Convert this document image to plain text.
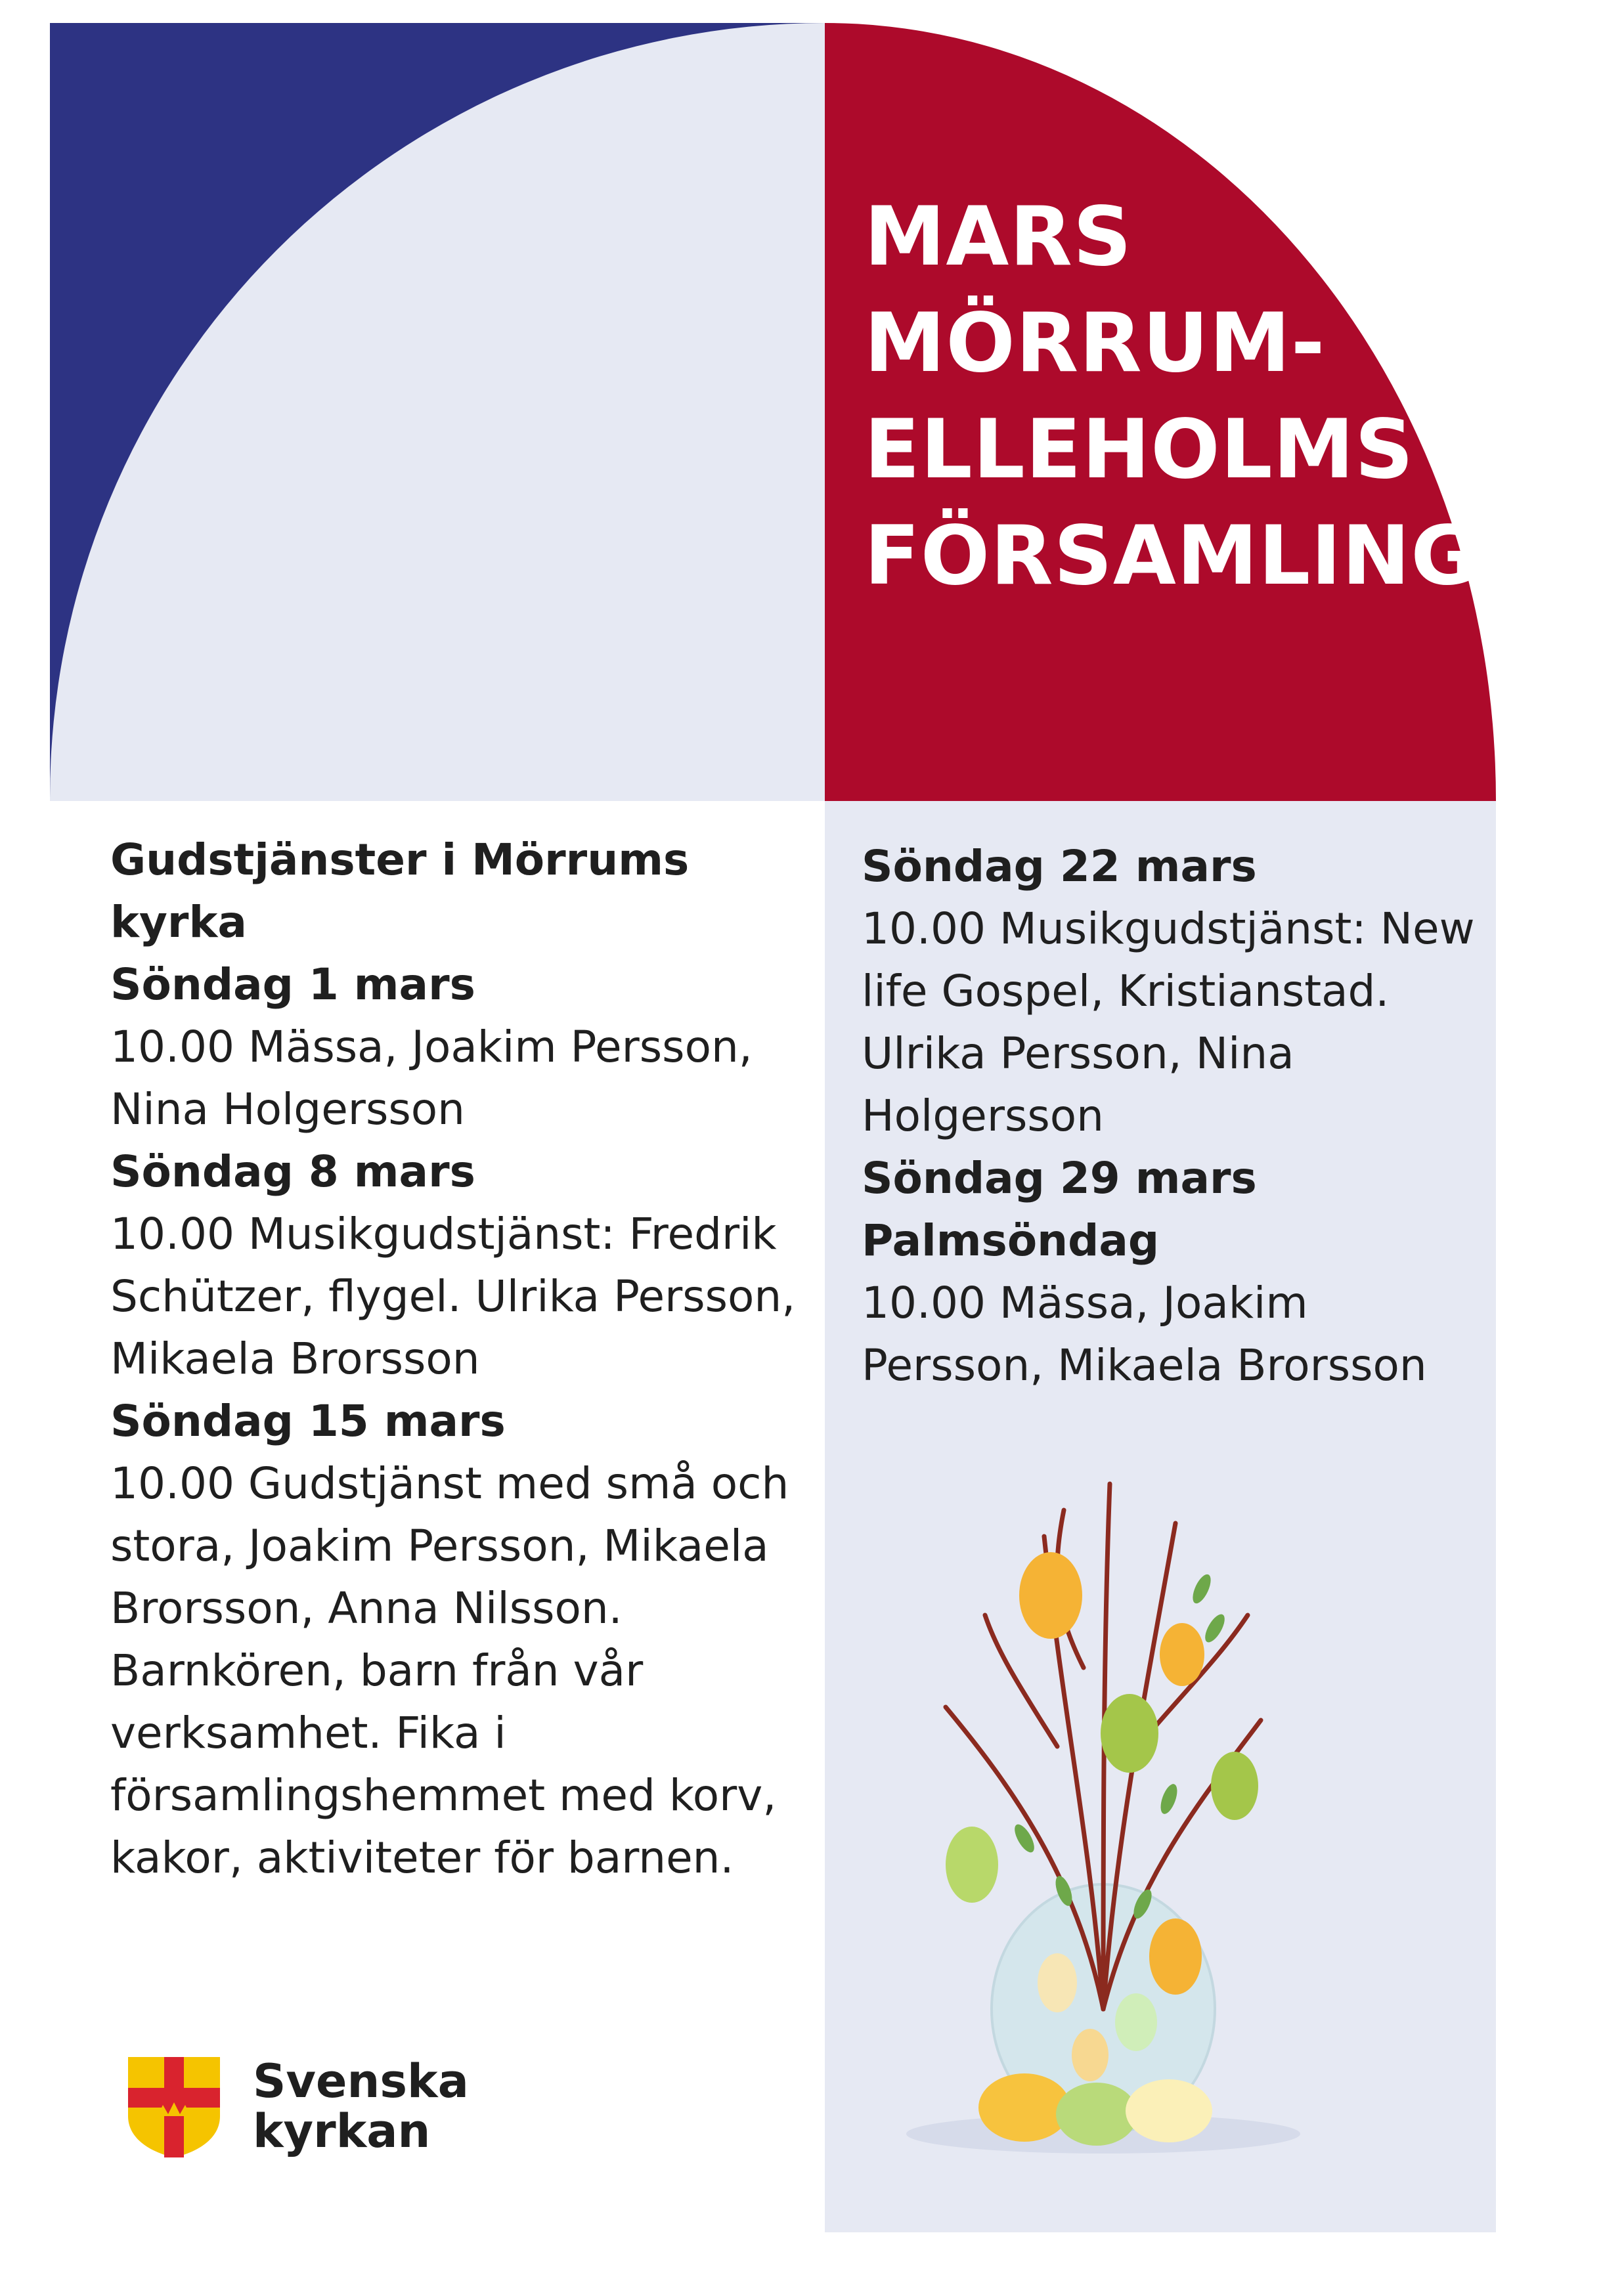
MARS
MÖRRUM-
ELLEHOLMS
FÖRSAMLING
Gudstjänster i Mörrums kyrka
Söndag 1 mars
10.00 Mässa, Joakim Persson, Nina Holgersson
Söndag 8 mars
10.00 Musikgudstjänst: Fredrik Schützer, flygel. Ulrika Persson, Mikaela Brorsson
Söndag 15 mars
10.00 Gudstjänst med små och stora, Joakim Persson, Mikaela Brorsson, Anna Nilsson. Barnkören, barn från vår verksamhet. Fika i församlingshemmet med korv, kakor, aktiviteter för barnen.
Söndag 22 mars
10.00 Musikgudstjänst: New life Gospel, Kristianstad. Ulrika Persson, Nina Holgersson
Söndag 29 mars
Palmsöndag
10.00 Mässa, Joakim Persson, Mikaela Brorsson
Svenska
kyrkan
